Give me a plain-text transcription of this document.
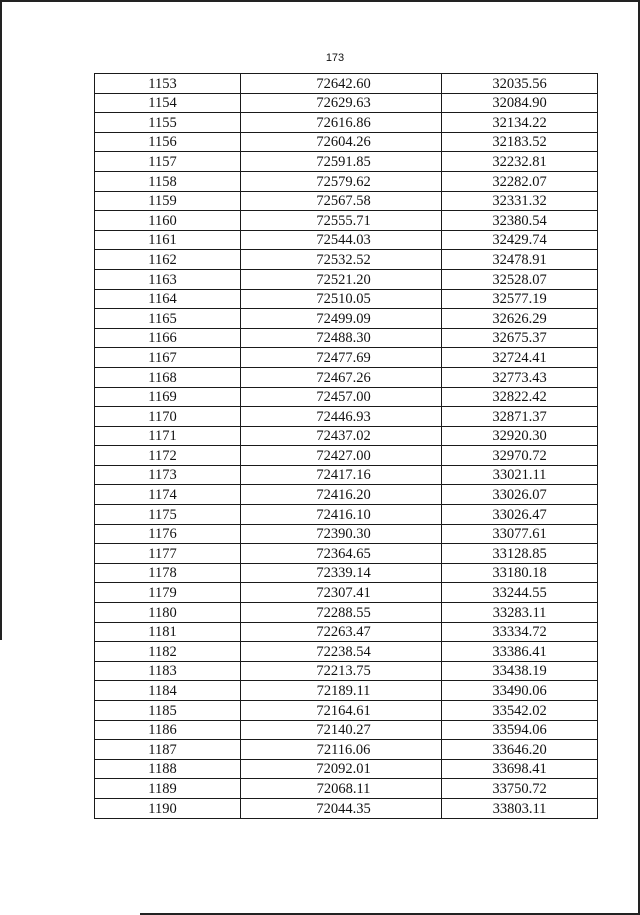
173
1153	72642.60	32035.56
1154	72629.63	32084.90
1155	72616.86	32134.22
1156	72604.26	32183.52
1157	72591.85	32232.81
1158	72579.62	32282.07
1159	72567.58	32331.32
1160	72555.71	32380.54
1161	72544.03	32429.74
1162	72532.52	32478.91
1163	72521.20	32528.07
1164	72510.05	32577.19
1165	72499.09	32626.29
1166	72488.30	32675.37
1167	72477.69	32724.41
1168	72467.26	32773.43
1169	72457.00	32822.42
1170	72446.93	32871.37
1171	72437.02	32920.30
1172	72427.00	32970.72
1173	72417.16	33021.11
1174	72416.20	33026.07
1175	72416.10	33026.47
1176	72390.30	33077.61
1177	72364.65	33128.85
1178	72339.14	33180.18
1179	72307.41	33244.55
1180	72288.55	33283.11
1181	72263.47	33334.72
1182	72238.54	33386.41
1183	72213.75	33438.19
1184	72189.11	33490.06
1185	72164.61	33542.02
1186	72140.27	33594.06
1187	72116.06	33646.20
1188	72092.01	33698.41
1189	72068.11	33750.72
1190	72044.35	33803.11
